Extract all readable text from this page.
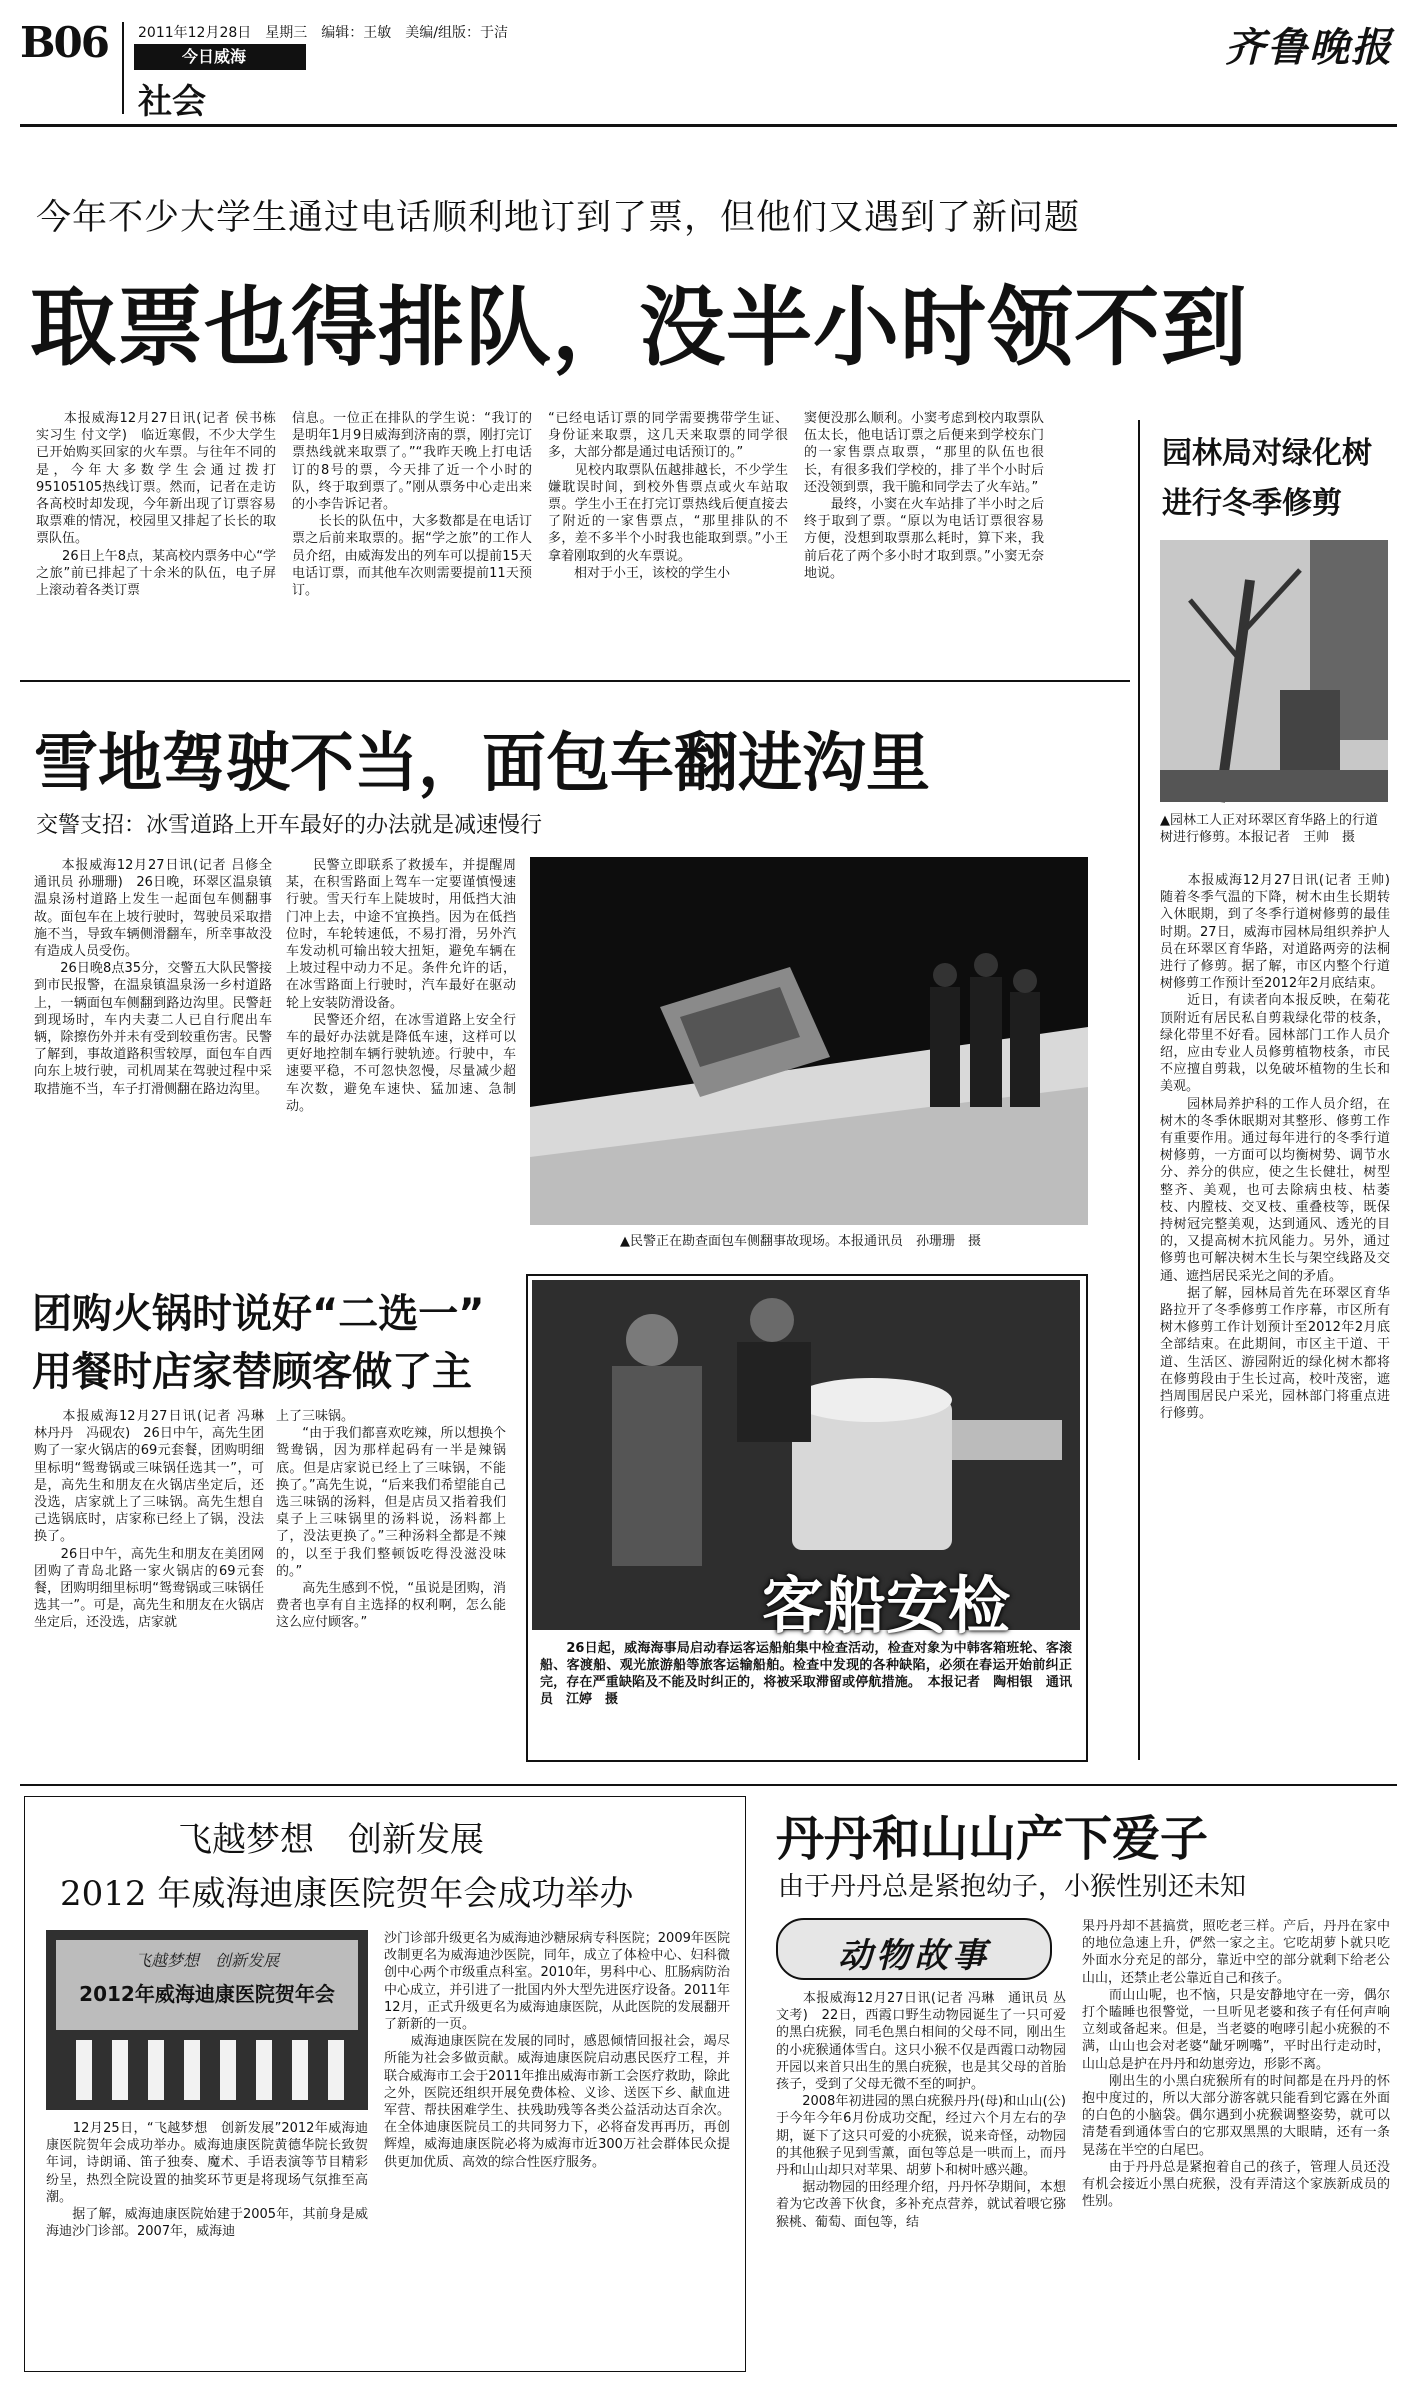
B06 2011年12月28日　星期三　编辑：王敏　美编/组版：于洁
今日威海
社会
齐鲁晚报
今年不少大学生通过电话顺利地订到了票，但他们又遇到了新问题
取票也得排队，没半小时领不到
　　本报威海12月27日讯(记者 侯书栋　实习生 付文学)　临近寒假，不少大学生已开始购买回家的火车票。与往年不同的是，今年大多数学生会通过拨打95105105热线订票。然而，记者在走访各高校时却发现，今年新出现了订票容易取票难的情况，校园里又排起了长长的取票队伍。
　　26日上午8点，某高校内票务中心“学之旅”前已排起了十余米的队伍，电子屏上滚动着各类订票
信息。一位正在排队的学生说：“我订的是明年1月9日威海到济南的票，刚打完订票热线就来取票了。”“我昨天晚上打电话订的8号的票，今天排了近一个小时的队，终于取到票了。”刚从票务中心走出来的小李告诉记者。
　　长长的队伍中，大多数都是在电话订票之后前来取票的。据“学之旅”的工作人员介绍，由威海发出的列车可以提前15天电话订票，而其他车次则需要提前11天预订。
“已经电话订票的同学需要携带学生证、身份证来取票，这几天来取票的同学很多，大部分都是通过电话预订的。”
　　见校内取票队伍越排越长，不少学生嫌耽误时间，到校外售票点或火车站取票。学生小王在打完订票热线后便直接去了附近的一家售票点，“那里排队的不多，差不多半个小时我也能取到票。”小王拿着刚取到的火车票说。
　　相对于小王，该校的学生小
窦便没那么顺利。小窦考虑到校内取票队伍太长，他电话订票之后便来到学校东门的一家售票点取票，“那里的队伍也很长，有很多我们学校的，排了半个小时后还没领到票，我干脆和同学去了火车站。”
　　最终，小窦在火车站排了半小时之后终于取到了票。“原以为电话订票很容易方便，没想到取票那么耗时，算下来，我前后花了两个多小时才取到票。”小窦无奈地说。
雪地驾驶不当，面包车翻进沟里
交警支招：冰雪道路上开车最好的办法就是减速慢行
　　本报威海12月27日讯(记者 吕修全　通讯员 孙珊珊)　26日晚，环翠区温泉镇温泉汤村道路上发生一起面包车侧翻事故。面包车在上坡行驶时，驾驶员采取措施不当，导致车辆侧滑翻车，所幸事故没有造成人员受伤。
　　26日晚8点35分，交警五大队民警接到市民报警，在温泉镇温泉汤一乡村道路上，一辆面包车侧翻到路边沟里。民警赶到现场时，车内夫妻二人已自行爬出车辆，除擦伤外并未有受到较重伤害。民警了解到，事故道路积雪较厚，面包车自西向东上坡行驶，司机周某在驾驶过程中采取措施不当，车子打滑侧翻在路边沟里。
　　民警立即联系了救援车，并提醒周某，在积雪路面上驾车一定要谨慎慢速行驶。雪天行车上陡坡时，用低挡大油门冲上去，中途不宜换挡。因为在低挡位时，车轮转速低，不易打滑，另外汽车发动机可输出较大扭矩，避免车辆在上坡过程中动力不足。条件允许的话，在冰雪路面上行驶时，汽车最好在驱动轮上安装防滑设备。
　　民警还介绍，在冰雪道路上安全行车的最好办法就是降低车速，这样可以更好地控制车辆行驶轨迹。行驶中，车速要平稳，不可忽快忽慢，尽量减少超车次数，避免车速快、猛加速、急制动。
▲民警正在勘查面包车侧翻事故现场。本报通讯员　孙珊珊　摄
团购火锅时说好“二选一”
用餐时店家替顾客做了主
　　本报威海12月27日讯(记者 冯琳　林丹丹　冯砚农)　26日中午，高先生团购了一家火锅店的69元套餐，团购明细里标明“鸳鸯锅或三味锅任选其一”，可是，高先生和朋友在火锅店坐定后，还没选，店家就上了三味锅。高先生想自己选锅底时，店家称已经上了锅，没法换了。
　　26日中午，高先生和朋友在美团网团购了青岛北路一家火锅店的69元套餐，团购明细里标明“鸳鸯锅或三味锅任选其一”。可是，高先生和朋友在火锅店坐定后，还没选，店家就
上了三味锅。
　　“由于我们都喜欢吃辣，所以想换个鸳鸯锅，因为那样起码有一半是辣锅底。但是店家说已经上了三味锅，不能换了。”高先生说，“后来我们希望能自己选三味锅的汤料，但是店员又指着我们桌子上三味锅里的汤料说，汤料都上了，没法更换了。”三种汤料全都是不辣的，以至于我们整顿饭吃得没滋没味的。”
　　高先生感到不悦，“虽说是团购，消费者也享有自主选择的权利啊，怎么能这么应付顾客。”	客船安检
　　26日起，威海海事局启动春运客运船舶集中检查活动，检查对象为中韩客箱班轮、客滚船、客渡船、观光旅游船等旅客运输船舶。检查中发现的各种缺陷，必须在春运开始前纠正完，存在严重缺陷及不能及时纠正的，将被采取滞留或停航措施。　本报记者　陶相银　通讯员　江婷　摄
园林局对绿化树
进行冬季修剪
▲园林工人正对环翠区育华路上的行道树进行修剪。本报记者　王帅　摄
　　本报威海12月27日讯(记者 王帅)　随着冬季气温的下降，树木由生长期转入休眠期，到了冬季行道树修剪的最佳时期。27日，威海市园林局组织养护人员在环翠区育华路，对道路两旁的法桐进行了修剪。据了解，市区内整个行道树修剪工作预计至2012年2月底结束。
　　近日，有读者向本报反映，在菊花顶附近有居民私自剪栽绿化带的枝条，绿化带里不好看。园林部门工作人员介绍，应由专业人员修剪植物枝条，市民不应擅自剪栽，以免破坏植物的生长和美观。
　　园林局养护科的工作人员介绍，在树木的冬季休眠期对其整形、修剪工作有重要作用。通过每年进行的冬季行道树修剪，一方面可以均衡树势、调节水分、养分的供应，使之生长健壮，树型整齐、美观，也可去除病虫枝、枯萎枝、内膛枝、交叉枝、重叠枝等，既保持树冠完整美观，达到通风、透光的目的，又提高树木抗风能力。另外，通过修剪也可解决树木生长与架空线路及交通、遮挡居民采光之间的矛盾。
　　据了解，园林局首先在环翠区育华路拉开了冬季修剪工作序幕，市区所有树木修剪工作计划预计至2012年2月底全部结束。在此期间，市区主干道、干道、生活区、游园附近的绿化树木都将在修剪段由于生长过高，校叶茂密，遮挡周围居民户采光，园林部门将重点进行修剪。
飞越梦想　创新发展
2012 年威海迪康医院贺年会成功举办
飞越梦想　创新发展
2012年威海迪康医院贺年会
　　12月25日，“飞越梦想　创新发展”2012年威海迪康医院贺年会成功举办。威海迪康医院黄德华院长致贺年词，诗朗诵、笛子独奏、魔术、手语表演等节目精彩纷呈，热烈全院设置的抽奖环节更是将现场气氛推至高潮。
　　据了解，威海迪康医院始建于2005年，其前身是威海迪沙门诊部。2007年，威海迪
沙门诊部升级更名为威海迪沙糖尿病专科医院；2009年医院改制更名为威海迪沙医院，同年，成立了体检中心、妇科微创中心两个市级重点科室。2010年，男科中心、肛肠病防治中心成立，并引进了一批国内外大型先进医疗设备。2011年12月，正式升级更名为威海迪康医院，从此医院的发展翻开了新新的一页。
　　威海迪康医院在发展的同时，感恩倾情回报社会，竭尽所能为社会多做贡献。威海迪康医院启动惠民医疗工程，并联合威海市工会于2011年推出威海市新工会医疗救助，除此之外，医院还组织开展免费体检、义诊、送医下乡、献血进军营、帮扶困难学生、扶残助残等各类公益活动达百余次。在全体迪康医院员工的共同努力下，必将奋发再再历，再创辉煌，威海迪康医院必将为威海市近300万社会群体民众提供更加优质、高效的综合性医疗服务。
丹丹和山山产下爱子
由于丹丹总是紧抱幼子，小猴性别还未知
动物故事
　　本报威海12月27日讯(记者 冯琳　通讯员 丛文考)　22日，西霞口野生动物园诞生了一只可爱的黑白疣猴，同毛色黑白相间的父母不同，刚出生的小疣猴通体雪白。这只小猴不仅是西霞口动物园开园以来首只出生的黑白疣猴，也是其父母的首胎孩子，受到了父母无微不至的呵护。
　　2008年初进园的黑白疣猴丹丹(母)和山山(公)于今年今年6月份成功交配，经过六个月左右的孕期，诞下了这只可爱的小疣猴，说来奇怪，动物园的其他猴子见到雪薰，面包等总是一哄而上，而丹丹和山山却只对苹果、胡萝卜和树叶感兴趣。
　　据动物园的田经理介绍，丹丹怀孕期间，本想着为它改善下伙食，多补充点营养，就试着喂它猕猴桃、葡萄、面包等，结
果丹丹却不甚搞赏，照吃老三样。产后，丹丹在家中的地位急速上升，俨然一家之主。它吃胡萝卜就只吃外面水分充足的部分，靠近中空的部分就剩下给老公山山，还禁止老公靠近自己和孩子。
　　而山山呢，也不恼，只是安静地守在一旁，偶尔打个瞌睡也很警觉，一旦听见老婆和孩子有任何声响立刻或备起来。但是，当老婆的咆哮引起小疣猴的不满，山山也会对老婆“龇牙咧嘴”，平时出行走动时，山山总是护在丹丹和幼崽旁边，形影不离。
　　刚出生的小黑白疣猴所有的时间都是在丹丹的怀抱中度过的，所以大部分游客就只能看到它露在外面的白色的小脑袋。偶尔遇到小疣猴调整姿势，就可以清楚看到通体雪白的它那双黑黑的大眼睛，还有一条晃荡在半空的白尾巴。
　　由于丹丹总是紧抱着自己的孩子，管理人员还没有机会接近小黑白疣猴，没有弄清这个家族新成员的性别。
